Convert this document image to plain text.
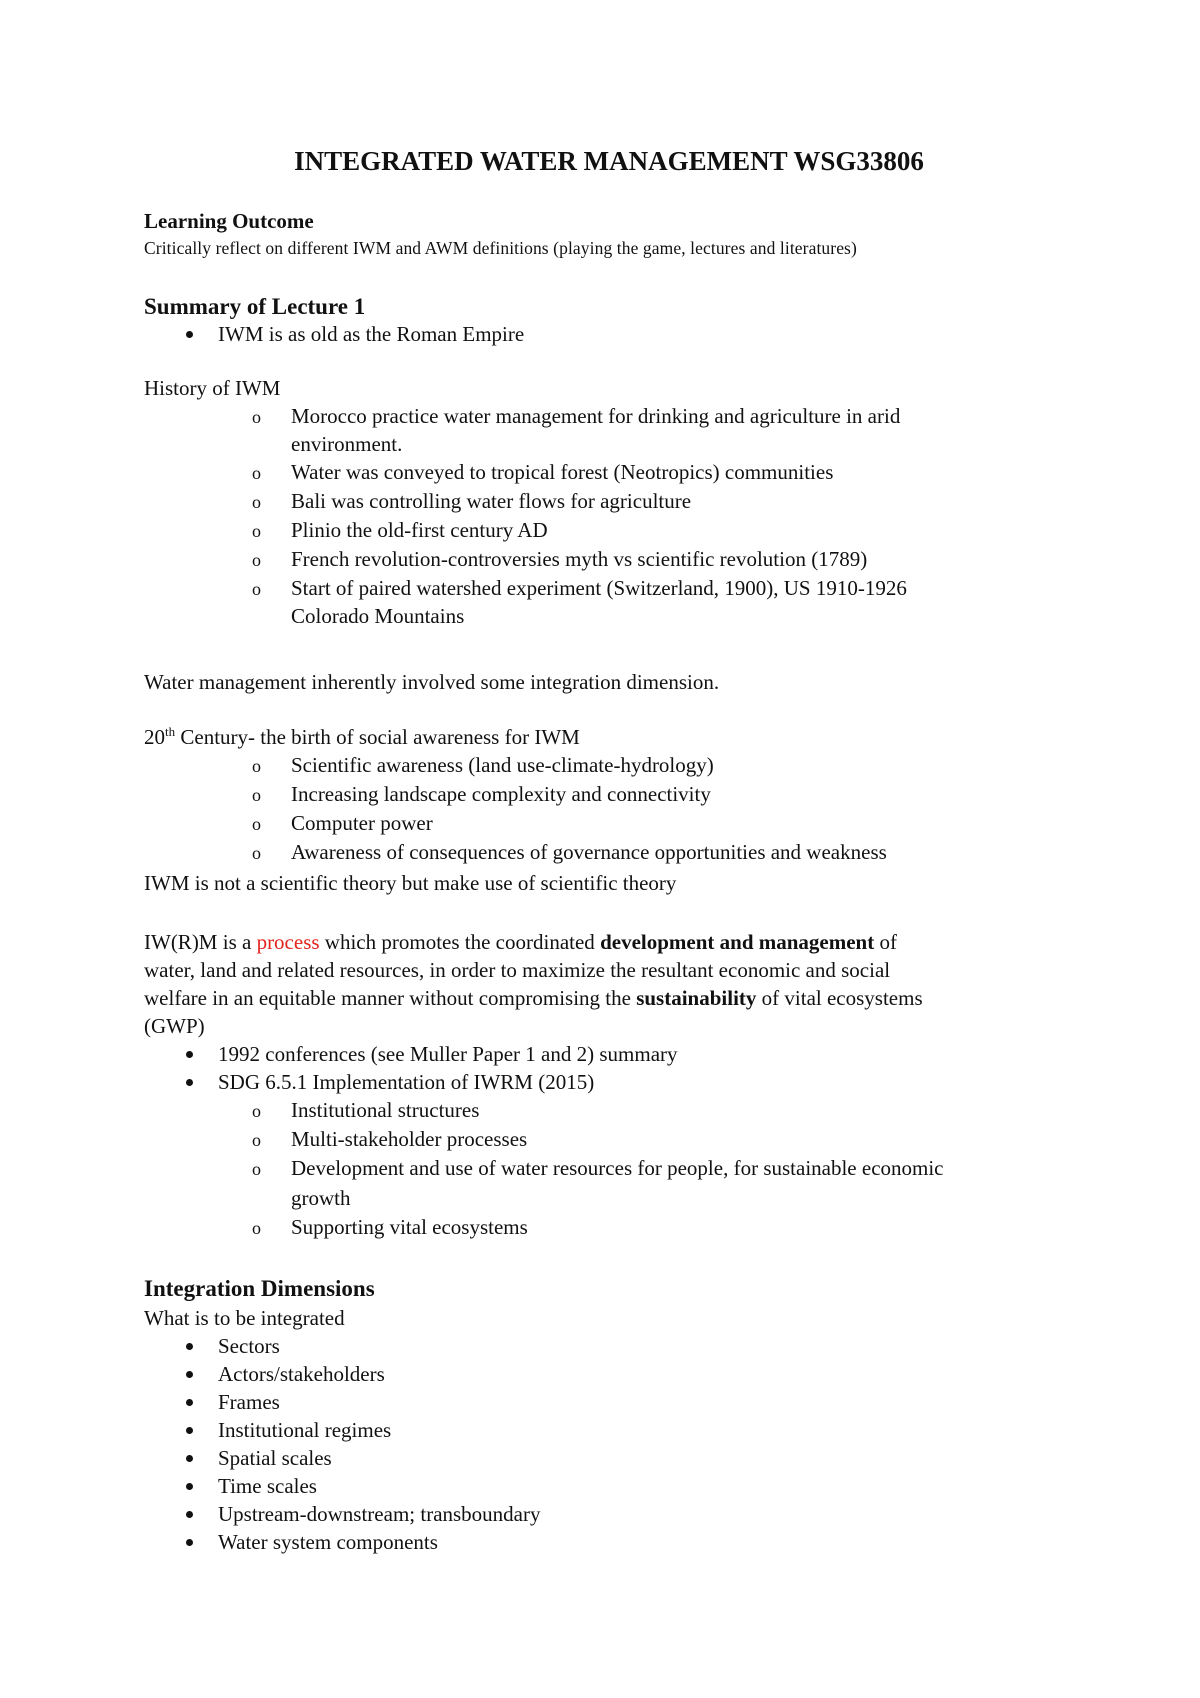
INTEGRATED WATER MANAGEMENT WSG33806
Learning Outcome
Critically reflect on different IWM and AWM definitions (playing the game, lectures and literatures)
Summary of Lecture 1
IWM is as old as the Roman Empire
History of IWM
o Morocco practice water management for drinking and agriculture in arid
environment.
o Water was conveyed to tropical forest (Neotropics) communities
o Bali was controlling water flows for agriculture
o Plinio the old-first century AD
o French revolution-controversies myth vs scientific revolution (1789)
o Start of paired watershed experiment (Switzerland, 1900), US 1910-1926
Colorado Mountains
Water management inherently involved some integration dimension.
20th Century- the birth of social awareness for IWM
o Scientific awareness (land use-climate-hydrology)
o Increasing landscape complexity and connectivity
o Computer power
o Awareness of consequences of governance opportunities and weakness
IWM is not a scientific theory but make use of scientific theory
IW(R)M is a process which promotes the coordinated development and management of
water, land and related resources, in order to maximize the resultant economic and social
welfare in an equitable manner without compromising the sustainability of vital ecosystems
(GWP)
1992 conferences (see Muller Paper 1 and 2) summary
SDG 6.5.1 Implementation of IWRM (2015)
o Institutional structures
o Multi-stakeholder processes
o Development and use of water resources for people, for sustainable economic
growth
o Supporting vital ecosystems
Integration Dimensions
What is to be integrated
Sectors
Actors/stakeholders
Frames
Institutional regimes
Spatial scales
Time scales
Upstream-downstream; transboundary
Water system components
